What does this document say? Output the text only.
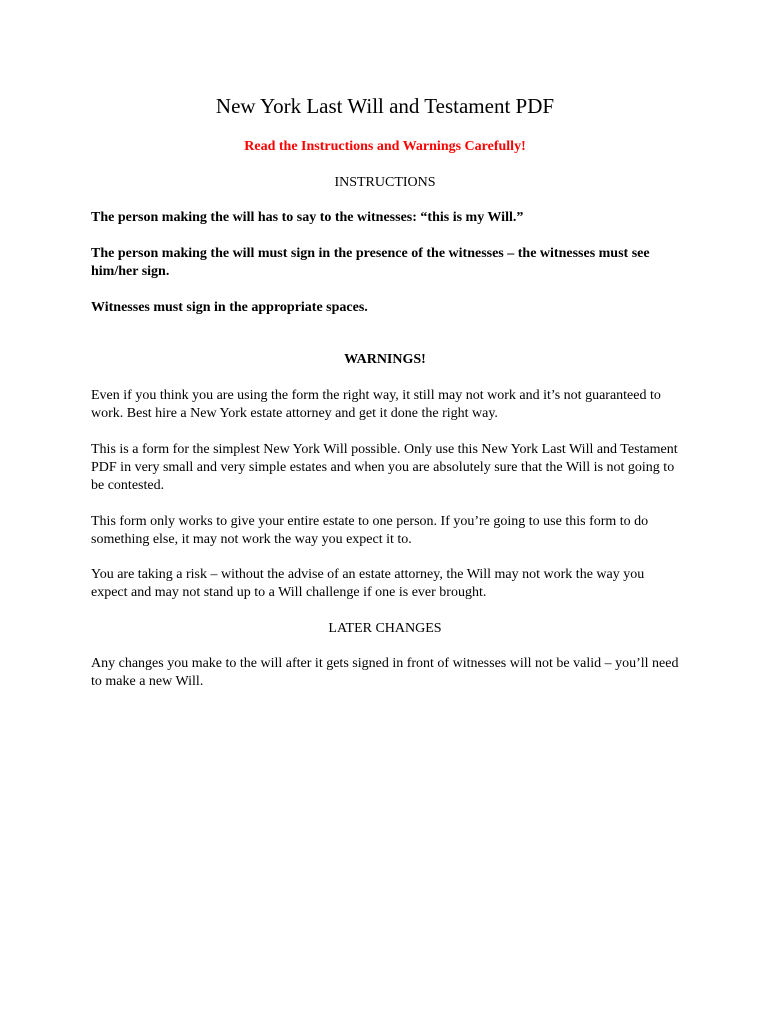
New York Last Will and Testament PDF
Read the Instructions and Warnings Carefully!
INSTRUCTIONS
The person making the will has to say to the witnesses: “this is my Will.”
The person making the will must sign in the presence of the witnesses – the witnesses must see him/her sign.
Witnesses must sign in the appropriate spaces.
WARNINGS!
Even if you think you are using the form the right way, it still may not work and it’s not guaranteed to work. Best hire a New York estate attorney and get it done the right way.
This is a form for the simplest New York Will possible. Only use this New York Last Will and Testament PDF in very small and very simple estates and when you are absolutely sure that the Will is not going to be contested.
This form only works to give your entire estate to one person. If you’re going to use this form to do something else, it may not work the way you expect it to.
You are taking a risk – without the advise of an estate attorney, the Will may not work the way you expect and may not stand up to a Will challenge if one is ever brought.
LATER CHANGES
Any changes you make to the will after it gets signed in front of witnesses will not be valid – you’ll need to make a new Will.
